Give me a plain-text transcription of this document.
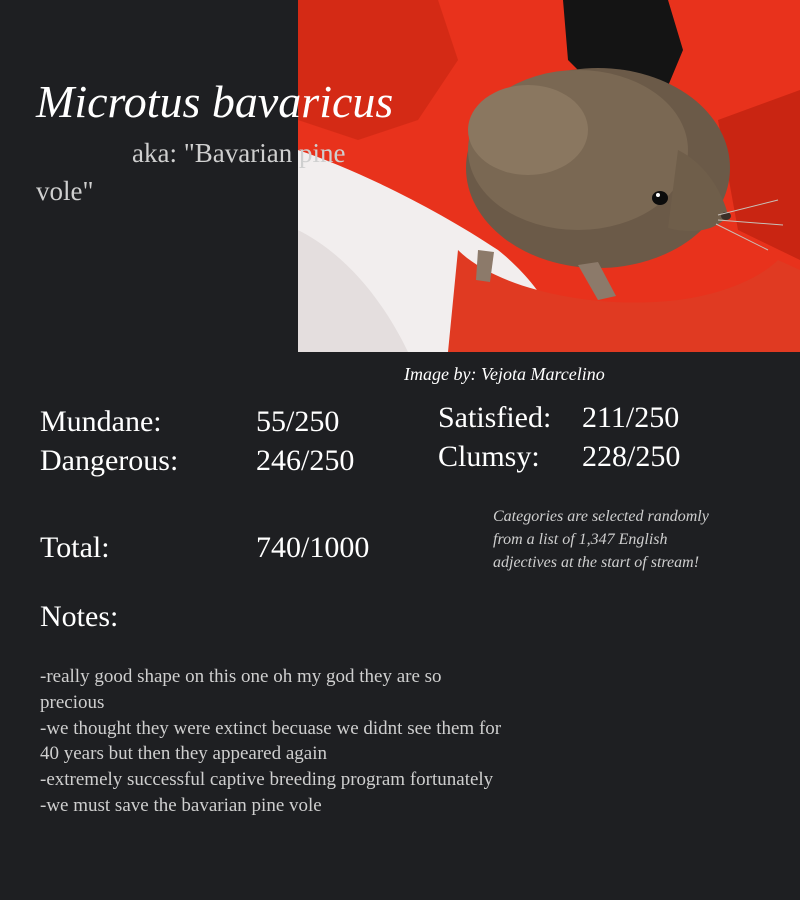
Microtus bavaricus
aka: "Bavarian pine vole"
Image by: Vejota Marcelino
Mundane:	55/250
Dangerous:	246/250
Satisfied: 211/250
Clumsy: 228/250
Total:	740/1000
Categories are selected randomly from a list of 1,347 English adjectives at the start of stream!
Notes:

-really good shape on this one oh my god they are so precious

-we thought they were extinct becuase we didnt see them for 40 years but then they appeared again

-extremely successful captive breeding program fortunately

-we must save the bavarian pine vole
